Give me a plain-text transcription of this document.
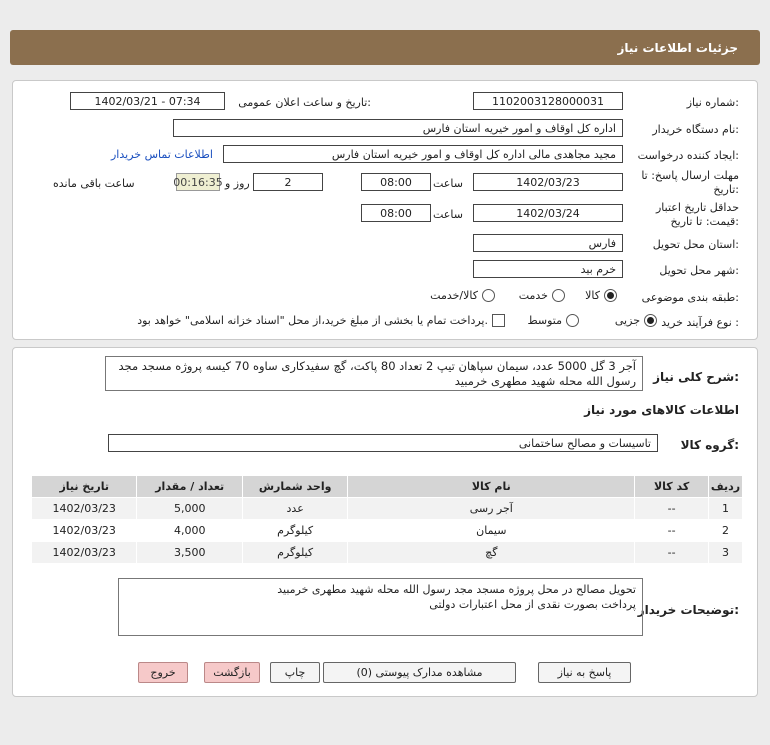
جزئیات اطلاعات نیاز
شماره نیاز:
1102003128000031
تاریخ و ساعت اعلان عمومی:
1402/03/21 - 07:34
نام دستگاه خریدار:
اداره کل اوقاف و امور خیریه استان فارس
ایجاد کننده درخواست:
مجید مجاهدی مالی اداره کل اوقاف و امور خیریه استان فارس
اطلاعات تماس خریدار
مهلت ارسال پاسخ: تا
تاریخ:
1402/03/23
ساعت
08:00
2
روز و
00:16:35
ساعت باقی مانده
حداقل تاریخ اعتبار
قیمت: تا تاریخ:
1402/03/24
ساعت
08:00
استان محل تحویل:
فارس
شهر محل تحویل:
خرم بید
طبقه بندی موضوعی:
کالا
خدمت
کالا/خدمت
نوع فرآیند خرید :
جزیی
متوسط
پرداخت تمام یا بخشی از مبلغ خرید،از محل "اسناد خزانه اسلامی" خواهد بود.
شرح کلی نیاز:
آجر 3 گل 5000 عدد، سیمان سپاهان تیپ 2 تعداد 80 پاکت، گچ سفیدکاری ساوه 70 کیسه پروژه مسجد مجد رسول الله محله شهید مطهری خرمبید
اطلاعات کالاهای مورد نیاز
گروه کالا:
تاسیسات و مصالح ساختمانی
ردیف	کد کالا	نام کالا	واحد شمارش	تعداد / مقدار	تاریخ نیاز
1	--	آجر رسی	عدد	5,000	1402/03/23
2	--	سیمان	کیلوگرم	4,000	1402/03/23
3	--	گچ	کیلوگرم	3,500	1402/03/23
توضیحات خریدار:
تحویل مصالح در محل پروژه مسجد مجد رسول الله محله شهید مطهری خرمبید
پرداخت بصورت نقدی از محل اعتبارات دولتی
پاسخ به نیاز
مشاهده مدارک پیوستی (0)
چاپ
بازگشت
خروج
